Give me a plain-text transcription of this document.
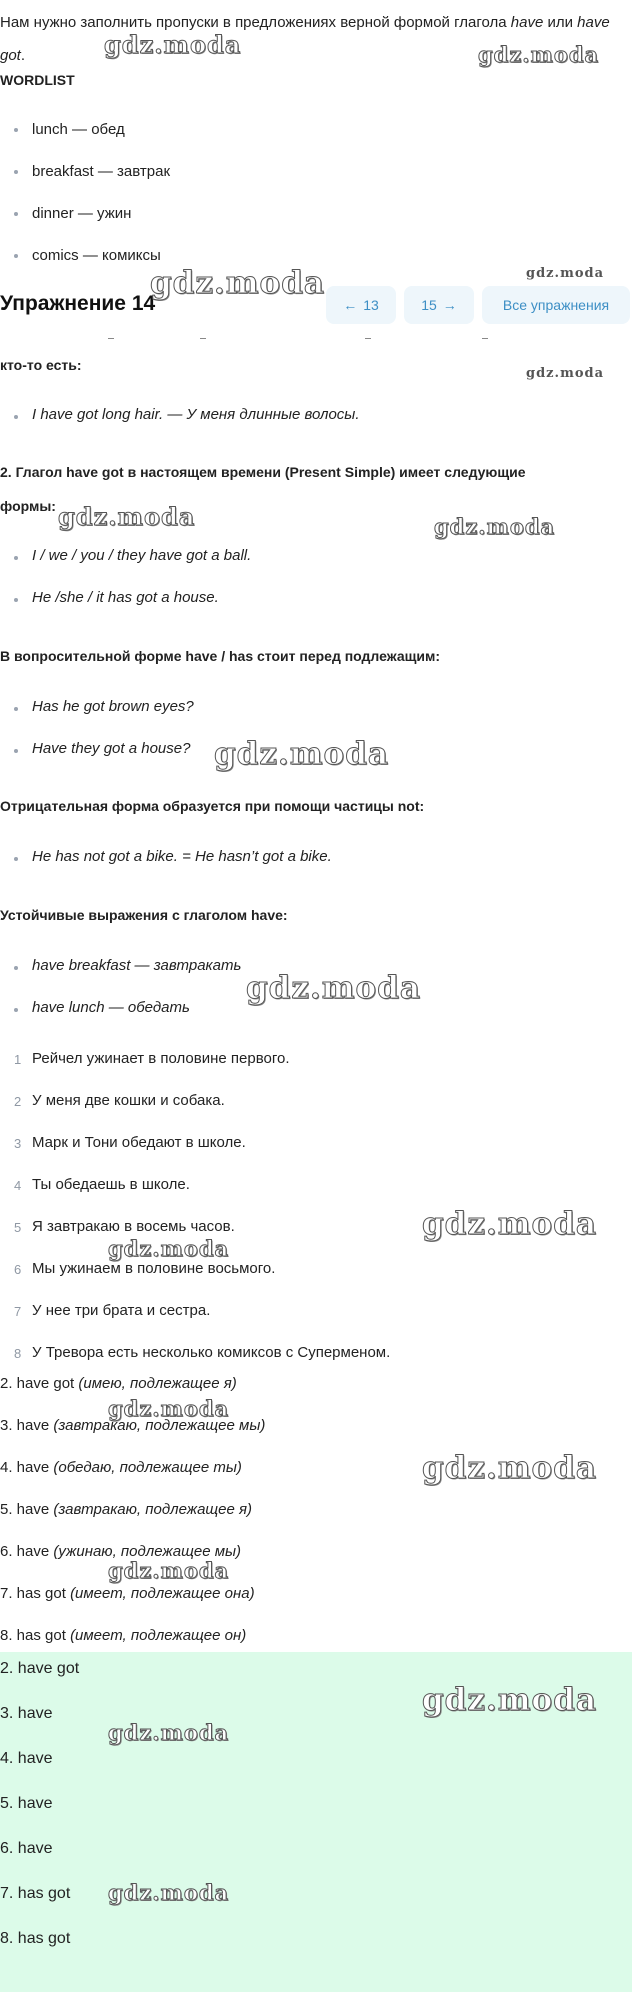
Нам нужно заполнить пропуски в предложениях верной формой глагола have или have got.
WORDLIST
lunch — обед
breakfast — завтрак
dinner — ужин
comics — комиксы
Упражнение 14	← 13	15 →	Все упражнения
кто-то есть:
I have got long hair. — У меня длинные волосы.
2. Глагол have got в настоящем времени (Present Simple) имеет следующие
формы:
I / we / you / they have got a ball.
He /she / it has got a house.
В вопросительной форме have / has стоит перед подлежащим:
Has he got brown eyes?
Have they got a house?
Отрицательная форма образуется при помощи частицы not:
He has not got a bike. = He hasn’t got a bike.
Устойчивые выражения с глаголом have:
have breakfast — завтракать
have lunch — обедать
1 Рейчел ужинает в половине первого.
2 У меня две кошки и собака.
3 Марк и Тони обедают в школе.
4 Ты обедаешь в школе.
5 Я завтракаю в восемь часов.
6 Мы ужинаем в половине восьмого.
7 У нее три брата и сестра.
8 У Тревора есть несколько комиксов с Суперменом.
2. have got (имею, подлежащее я)
3. have (завтракаю, подлежащее мы)
4. have (обедаю, подлежащее ты)
5. have (завтракаю, подлежащее я)
6. have (ужинаю, подлежащее мы)
7. has got (имеет, подлежащее она)
8. has got (имеет, подлежащее он)
2. have got
3. have
4. have
5. have
6. have
7. has got
8. has got
gdz.moda	gdz.moda
gdz.moda	gdz.moda
gdz.moda
gdz.moda	gdz.moda
gdz.moda
gdz.moda
gdz.moda
gdz.moda
gdz.moda
gdz.moda
gdz.moda
gdz.moda
gdz.moda
gdz.moda
